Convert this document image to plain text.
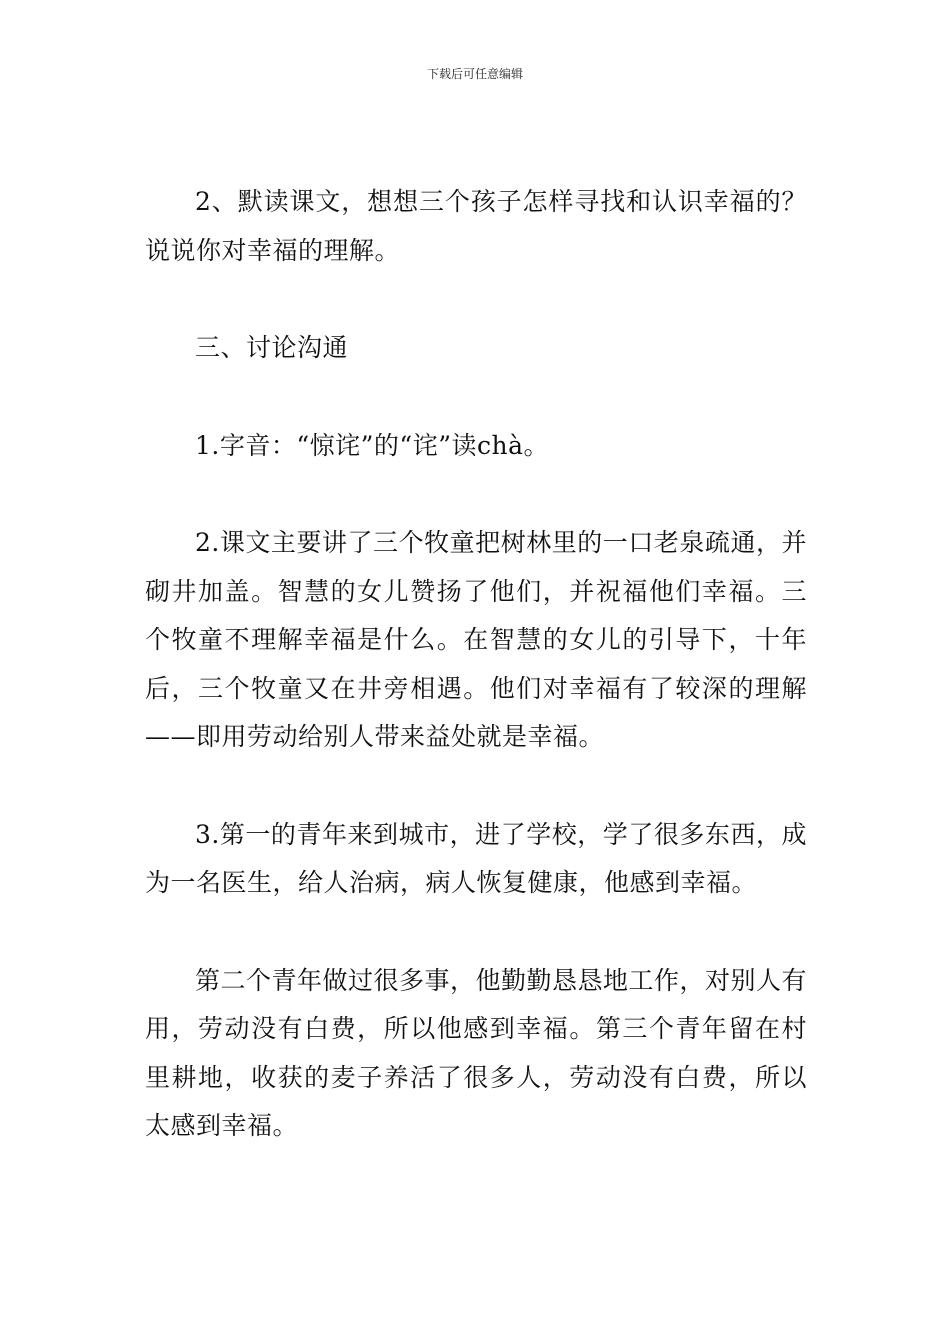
下载后可任意编辑

2、默读课文，想想三个孩子怎样寻找和认识幸福的？说说你对幸福的理解。

三、讨论沟通

1.字音：“惊诧”的“诧”读chà。

2.课文主要讲了三个牧童把树林里的一口老泉疏通，并砌井加盖。智慧的女儿赞扬了他们，并祝福他们幸福。三个牧童不理解幸福是什么。在智慧的女儿的引导下，十年后，三个牧童又在井旁相遇。他们对幸福有了较深的理解——即用劳动给别人带来益处就是幸福。

3.第一的青年来到城市，进了学校，学了很多东西，成为一名医生，给人治病，病人恢复健康，他感到幸福。

第二个青年做过很多事，他勤勤恳恳地工作，对别人有用，劳动没有白费，所以他感到幸福。第三个青年留在村里耕地，收获的麦子养活了很多人，劳动没有白费，所以太感到幸福。
